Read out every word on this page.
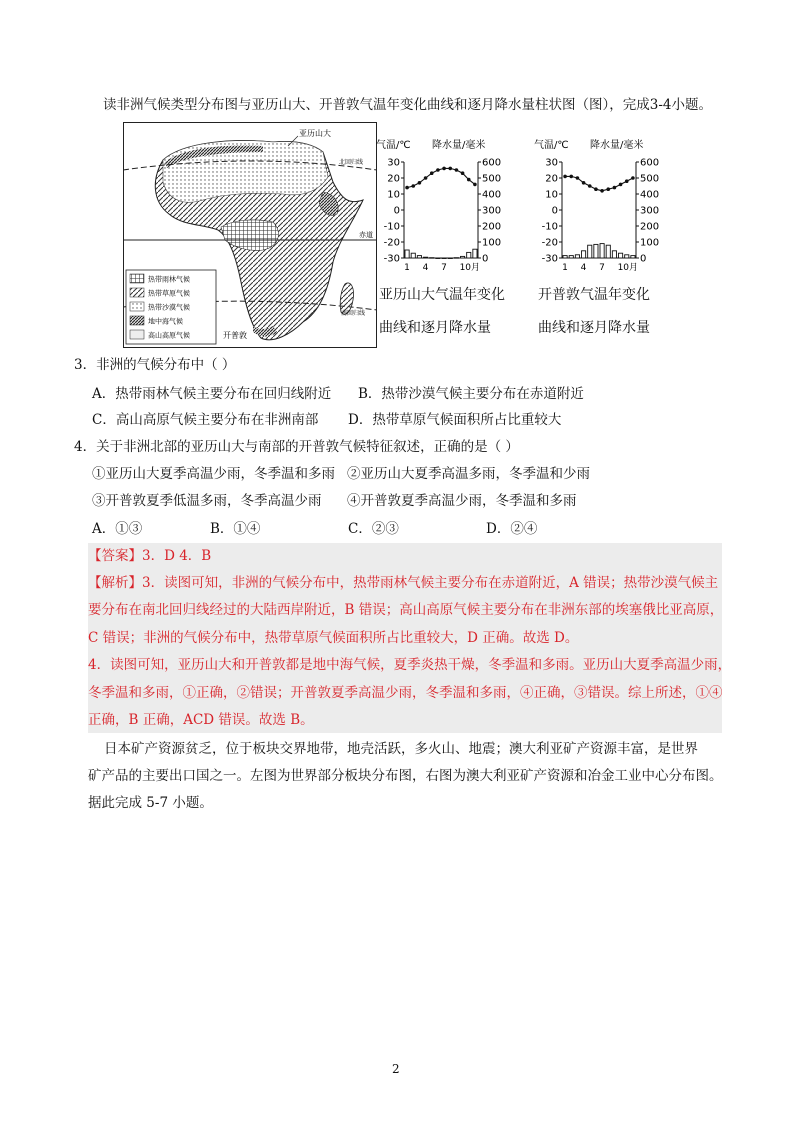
读非洲气候类型分布图与亚历山大、开普敦气温年变化曲线和逐月降水量柱状图（图），完成3-4小题。
亚历山大
北回归线
赤道
南回归线
开普敦
热带雨林气候
热带草原气候
热带沙漠气候
地中海气候
高山高原气候
气温/℃ 降水量/毫米
30
20
10
0
-10
-20
-30
600
500
400
300
200
100
0
1 4 7 10月
气温/℃ 降水量/毫米
30
20
10
0
-10
-20
-30
600
500
400
300
200
100
0
1 4 7 10月
亚历山大气温年变化
曲线和逐月降水量
开普敦气温年变化
曲线和逐月降水量
3．非洲的气候分布中（ ）
A．热带雨林气候主要分布在回归线附近 B．热带沙漠气候主要分布在赤道附近
C．高山高原气候主要分布在非洲南部 D．热带草原气候面积所占比重较大
4．关于非洲北部的亚历山大与南部的开普敦气候特征叙述，正确的是（ ）
①亚历山大夏季高温少雨，冬季温和多雨 ②亚历山大夏季高温多雨，冬季温和少雨
③开普敦夏季低温多雨，冬季高温少雨 ④开普敦夏季高温少雨，冬季温和多雨
A．①③	B．①④	C．②③	D．②④
【答案】3．D 4．B
【解析】3．读图可知，非洲的气候分布中，热带雨林气候主要分布在赤道附近，A 错误；热带沙漠气候主
要分布在南北回归线经过的大陆西岸附近，B 错误；高山高原气候主要分布在非洲东部的埃塞俄比亚高原，
C 错误；非洲的气候分布中，热带草原气候面积所占比重较大，D 正确。故选 D。
4．读图可知，亚历山大和开普敦都是地中海气候，夏季炎热干燥，冬季温和多雨。亚历山大夏季高温少雨，
冬季温和多雨，①正确，②错误；开普敦夏季高温少雨，冬季温和多雨，④正确，③错误。综上所述，①④
正确，B 正确，ACD 错误。故选 B。
日本矿产资源贫乏，位于板块交界地带，地壳活跃，多火山、地震；澳大利亚矿产资源丰富，是世界
矿产品的主要出口国之一。左图为世界部分板块分布图，右图为澳大利亚矿产资源和冶金工业中心分布图。
据此完成 5-7 小题。
2
